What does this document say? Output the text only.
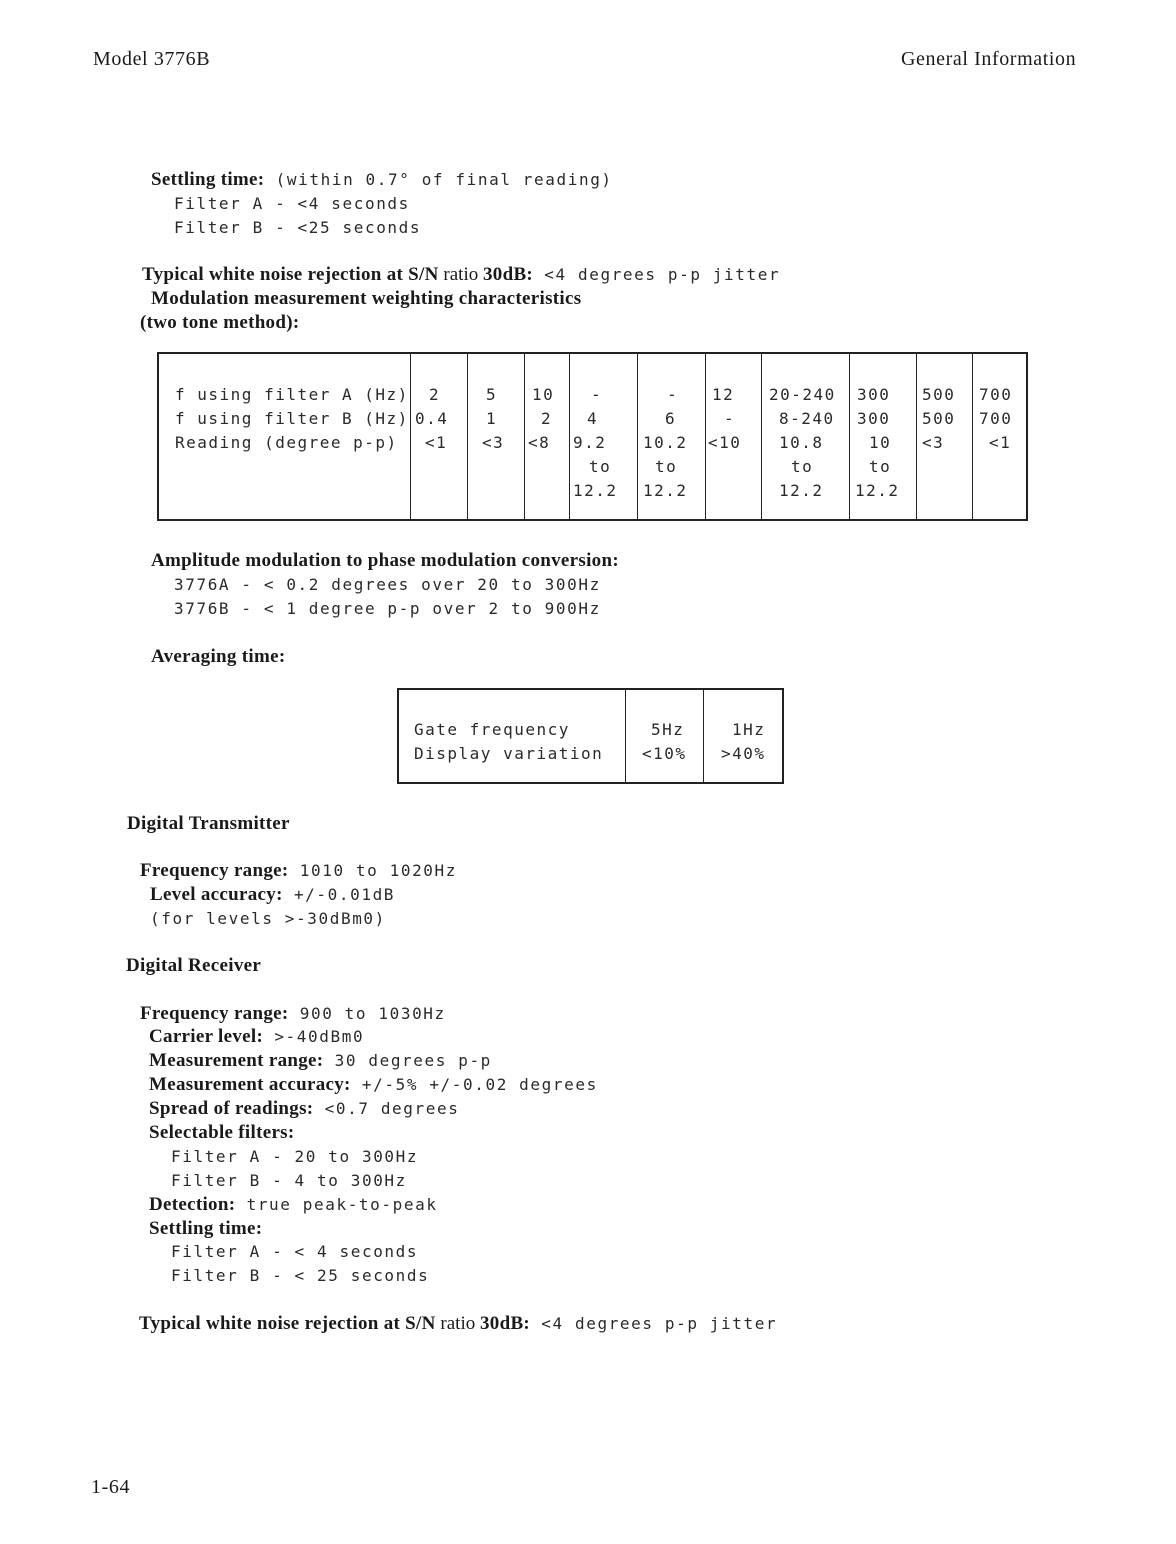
Model 3776B	General Information
Settling time: (within 0.7° of final reading)
Filter A - <4 seconds
Filter B - <25 seconds
Typical white noise rejection at S/N ratio 30dB: <4 degrees p-p jitter
Modulation measurement weighting characteristics
(two tone method):
f using filter A (Hz)
f using filter B (Hz)
Reading (degree p-p)
2
0.4
<1
5
1
<3
10
2
<8
-
4
9.2
to
12.2
-
6
10.2
to
12.2
12
-
<10
20-240
8-240
10.8
to
12.2
300
300
10
to
12.2
500
500
<3
700
700
<1
Amplitude modulation to phase modulation conversion:
3776A - < 0.2 degrees over 20 to 300Hz
3776B - < 1 degree p-p over 2 to 900Hz
Averaging time:
Gate frequency
Display variation
5Hz
<10%
1Hz
>40%
Digital Transmitter
Frequency range: 1010 to 1020Hz
Level accuracy: +/-0.01dB
(for levels >-30dBm0)
Digital Receiver
Frequency range: 900 to 1030Hz
Carrier level: >-40dBm0
Measurement range: 30 degrees p-p
Measurement accuracy: +/-5% +/-0.02 degrees
Spread of readings: <0.7 degrees
Selectable filters:
Filter A - 20 to 300Hz
Filter B - 4 to 300Hz
Detection: true peak-to-peak
Settling time:
Filter A - < 4 seconds
Filter B - < 25 seconds
Typical white noise rejection at S/N ratio 30dB: <4 degrees p-p jitter
1-64
